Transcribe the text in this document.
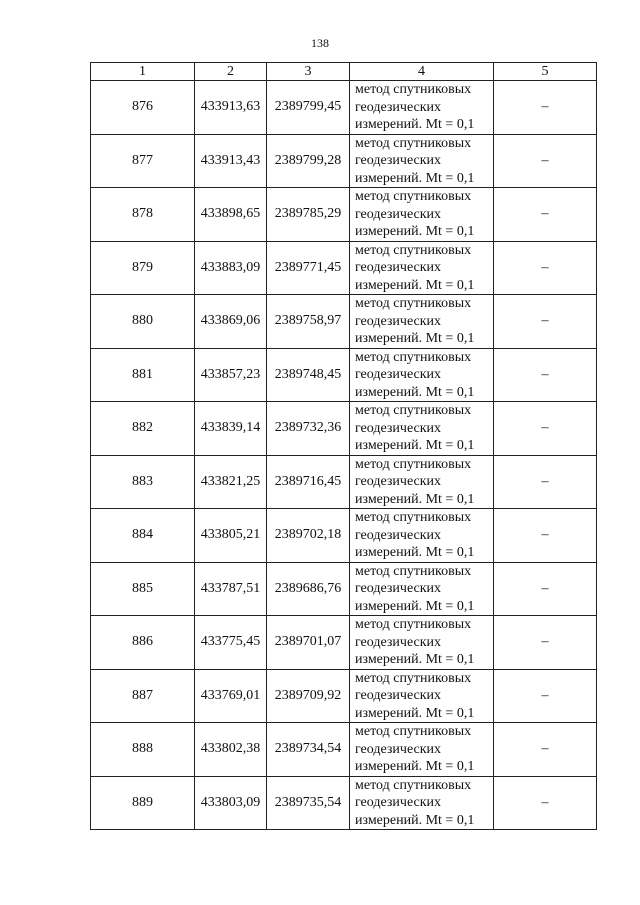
138
1	2	3	4	5
876	433913,63	2389799,45	метод спутниковых
геодезических
измерений. Mt = 0,1	–
877	433913,43	2389799,28	метод спутниковых
геодезических
измерений. Mt = 0,1	–
878	433898,65	2389785,29	метод спутниковых
геодезических
измерений. Mt = 0,1	–
879	433883,09	2389771,45	метод спутниковых
геодезических
измерений. Mt = 0,1	–
880	433869,06	2389758,97	метод спутниковых
геодезических
измерений. Mt = 0,1	–
881	433857,23	2389748,45	метод спутниковых
геодезических
измерений. Mt = 0,1	–
882	433839,14	2389732,36	метод спутниковых
геодезических
измерений. Mt = 0,1	–
883	433821,25	2389716,45	метод спутниковых
геодезических
измерений. Mt = 0,1	–
884	433805,21	2389702,18	метод спутниковых
геодезических
измерений. Mt = 0,1	–
885	433787,51	2389686,76	метод спутниковых
геодезических
измерений. Mt = 0,1	–
886	433775,45	2389701,07	метод спутниковых
геодезических
измерений. Mt = 0,1	–
887	433769,01	2389709,92	метод спутниковых
геодезических
измерений. Mt = 0,1	–
888	433802,38	2389734,54	метод спутниковых
геодезических
измерений. Mt = 0,1	–
889	433803,09	2389735,54	метод спутниковых
геодезических
измерений. Mt = 0,1	–
